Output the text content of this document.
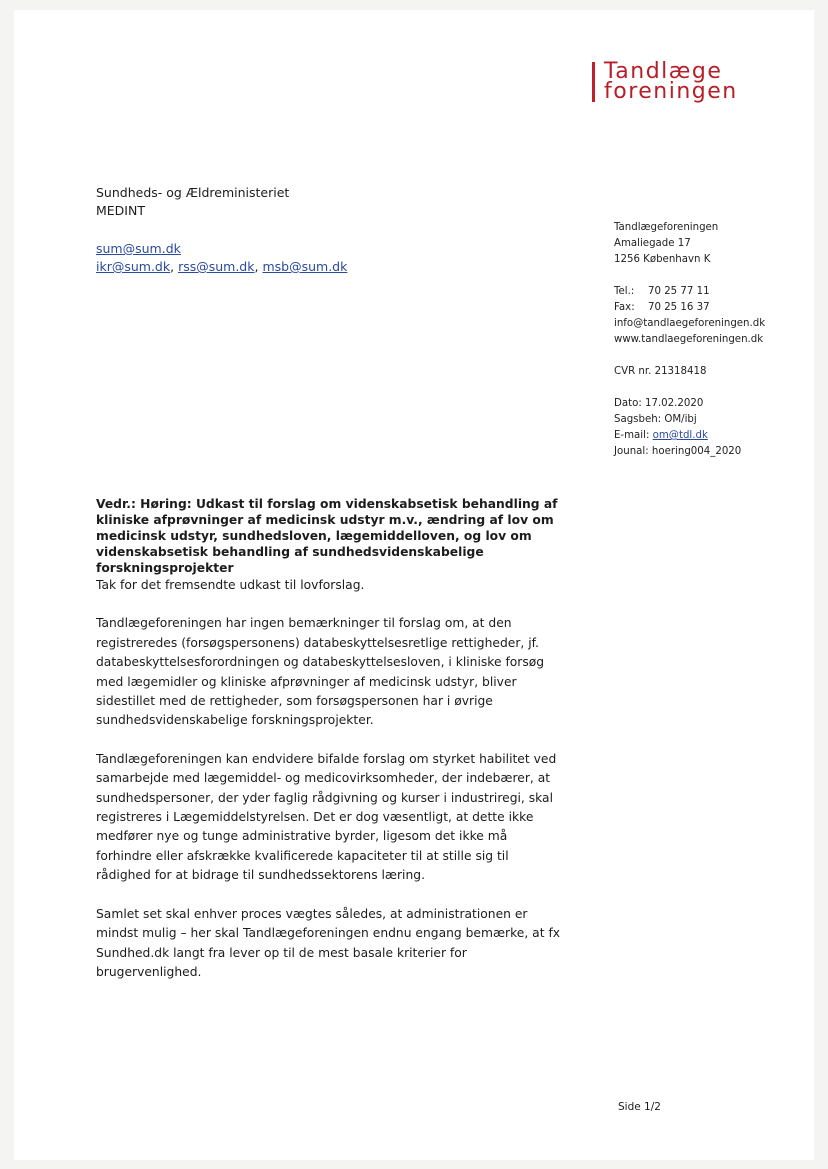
Tandlæge
foreningen
Sundheds- og Ældreministeriet
MEDINT
sum@sum.dk
ikr@sum.dk, rss@sum.dk, msb@sum.dk
Tandlægeforeningen
Amaliegade 17
1256 København K
Tel.: 70 25 77 11
Fax: 70 25 16 37
info@tandlaegeforeningen.dk
www.tandlaegeforeningen.dk
CVR nr. 21318418
Dato: 17.02.2020
Sagsbeh: OM/ibj
E-mail: om@tdl.dk
Jounal: hoering004_2020
Vedr.: Høring: Udkast til forslag om videnskabsetisk behandling af kliniske afprøvninger af medicinsk udstyr m.v., ændring af lov om medicinsk udstyr, sundhedsloven, lægemiddelloven, og lov om videnskabsetisk behandling af sundhedsvidenskabelige forskningsprojekter

Tak for det fremsendte udkast til lovforslag.

Tandlægeforeningen har ingen bemærkninger til forslag om, at den registreredes (forsøgspersonens) databeskyttelsesretlige rettigheder, jf. databeskyttelsesforordningen og databeskyttelsesloven, i kliniske forsøg med lægemidler og kliniske afprøvninger af medicinsk udstyr, bliver sidestillet med de rettigheder, som forsøgspersonen har i øvrige sundhedsvidenskabelige forskningsprojekter.

Tandlægeforeningen kan endvidere bifalde forslag om styrket habilitet ved samarbejde med lægemiddel- og medicovirksomheder, der indebærer, at sundhedspersoner, der yder faglig rådgivning og kurser i industriregi, skal registreres i Lægemiddelstyrelsen. Det er dog væsentligt, at dette ikke medfører nye og tunge administrative byrder, ligesom det ikke må forhindre eller afskrække kvalificerede kapaciteter til at stille sig til rådighed for at bidrage til sundhedssektorens læring.

Samlet set skal enhver proces vægtes således, at administrationen er mindst mulig – her skal Tandlægeforeningen endnu engang bemærke, at fx Sundhed.dk langt fra lever op til de mest basale kriterier for brugervenlighed.

Side 1/2
